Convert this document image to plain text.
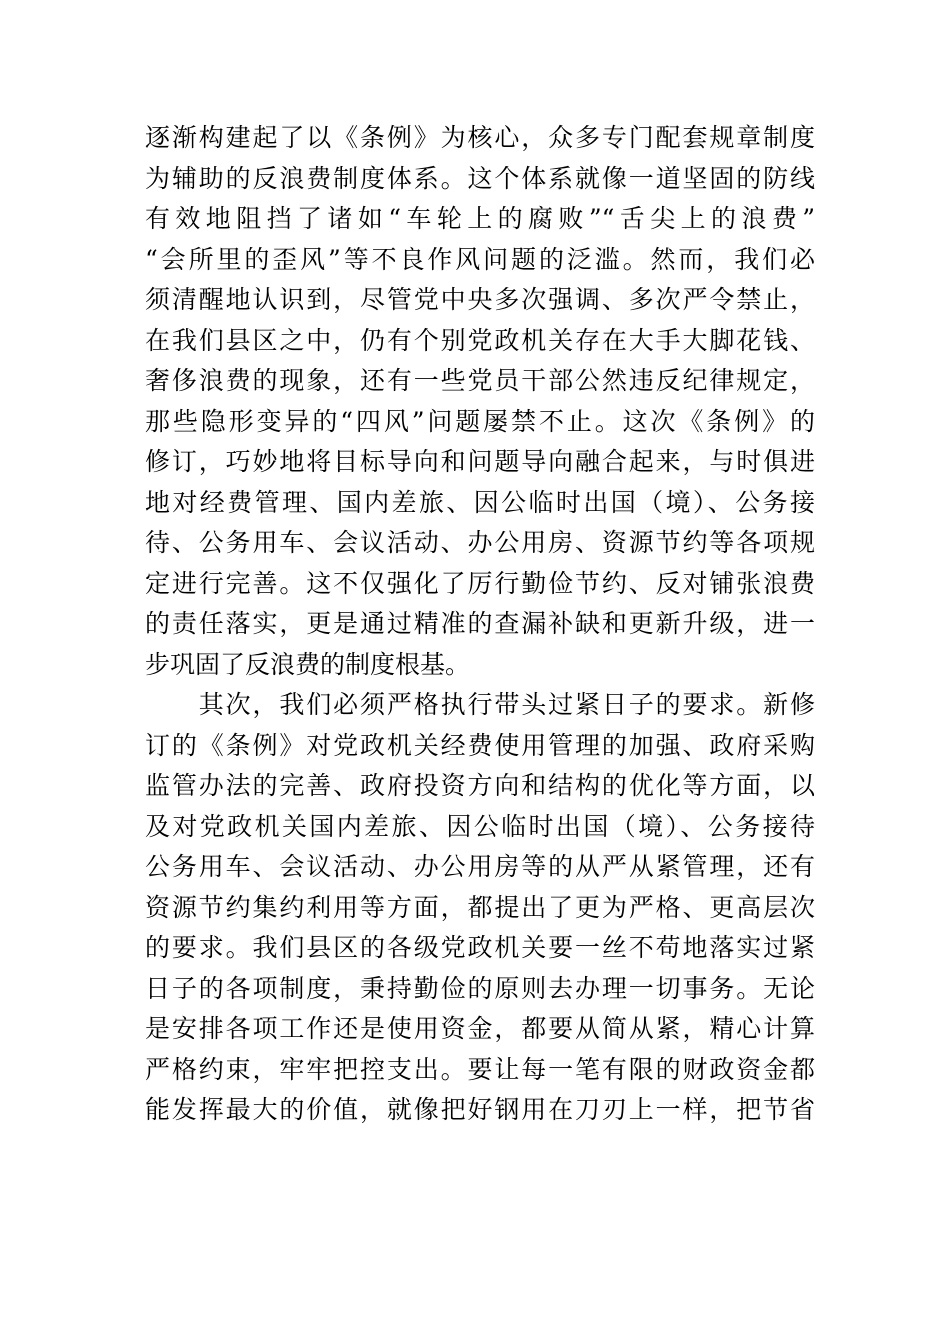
逐渐构建起了以《条例》为核心，众多专门配套规章制度
为辅助的反浪费制度体系。这个体系就像一道坚固的防线
有效地阻挡了诸如“车轮上的腐败”“舌尖上的浪费”
“会所里的歪风”等不良作风问题的泛滥。然而，我们必
须清醒地认识到，尽管党中央多次强调、多次严令禁止，
在我们县区之中，仍有个别党政机关存在大手大脚花钱、
奢侈浪费的现象，还有一些党员干部公然违反纪律规定，
那些隐形变异的“四风”问题屡禁不止。这次《条例》的
修订，巧妙地将目标导向和问题导向融合起来，与时俱进
地对经费管理、国内差旅、因公临时出国（境）、公务接
待、公务用车、会议活动、办公用房、资源节约等各项规
定进行完善。这不仅强化了厉行勤俭节约、反对铺张浪费
的责任落实，更是通过精准的查漏补缺和更新升级，进一
步巩固了反浪费的制度根基。
　　其次，我们必须严格执行带头过紧日子的要求。新修
订的《条例》对党政机关经费使用管理的加强、政府采购
监管办法的完善、政府投资方向和结构的优化等方面，以
及对党政机关国内差旅、因公临时出国（境）、公务接待
公务用车、会议活动、办公用房等的从严从紧管理，还有
资源节约集约利用等方面，都提出了更为严格、更高层次
的要求。我们县区的各级党政机关要一丝不苟地落实过紧
日子的各项制度，秉持勤俭的原则去办理一切事务。无论
是安排各项工作还是使用资金，都要从简从紧，精心计算
严格约束，牢牢把控支出。要让每一笔有限的财政资金都
能发挥最大的价值，就像把好钢用在刀刃上一样，把节省
